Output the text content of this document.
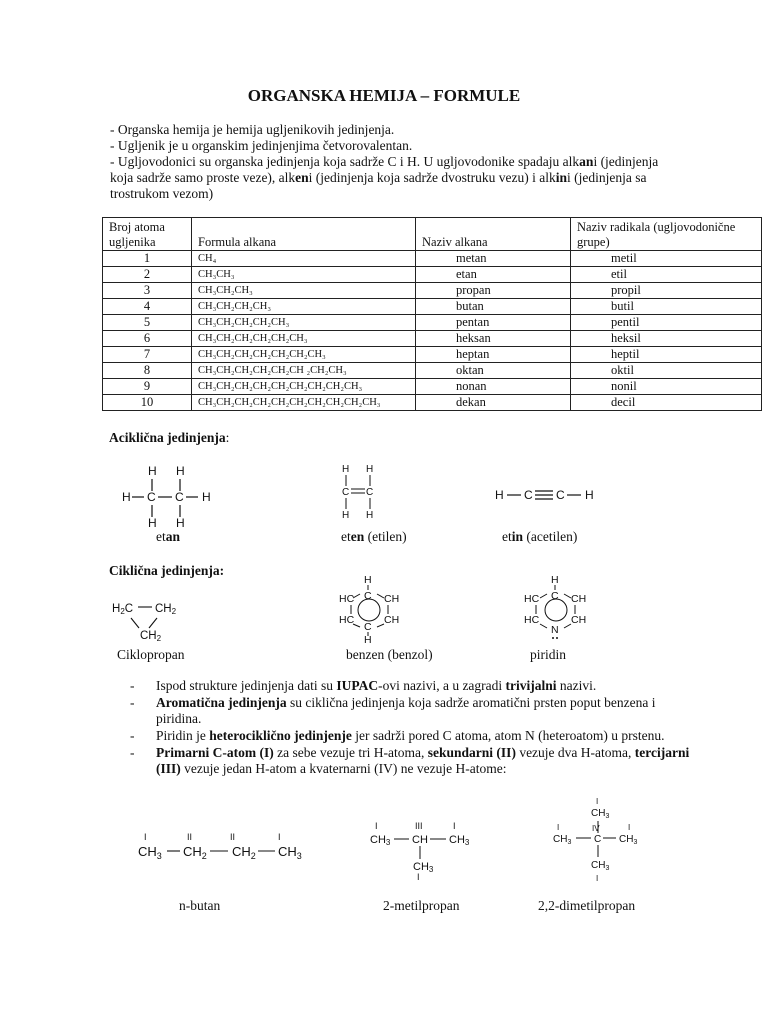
ORGANSKA HEMIJA – FORMULE

- Organska hemija je hemija ugljenikovih jedinjenja.

- Ugljenik je u organskim jedinjenjima četvorovalentan.

- Ugljovodonici su organska jedinjenja koja sadrže C i H. U ugljovodonike spadaju alkani (jedinjenja koja sadrže samo proste veze), alkeni (jedinjenja koja sadrže dvostruku vezu) i alkini (jedinjenja sa trostrukom vezom)

Broj atoma ugljenika	Formula alkana	Naziv alkana	Naziv radikala (ugljovodonične grupe)
1	CH₄	metan	metil
2	CH₃CH₃	etan	etil
3	CH₃CH₂CH₃	propan	propil
4	CH₃CH₂CH₂CH₃	butan	butil
5	CH₃CH₂CH₂CH₂CH₃	pentan	pentil
6	CH₃CH₂CH₂CH₂CH₂CH₃	heksan	heksil
7	CH₃CH₂CH₂CH₂CH₂CH₂CH₃	heptan	heptil
8	CH₃CH₂CH₂CH₂CH₂CH ₂CH₂CH₃	oktan	oktil
9	CH₃CH₂CH₂CH₂CH₂CH₂CH₂CH₂CH₃	nonan	nonil
10	CH₃CH₂CH₂CH₂CH₂CH₂CH₂CH₂CH₂CH₃	dekan	decil
Aciklična jedinjenja:
H H
H C C H
H H
H H
C C
H H
H C C H
etan	eten (etilen)	etin (acetilen)
Ciklična jedinjenja:
H2C CH2
CH2
H
C
HC	CH
HC	CH
C
H
H
C
HC	CH
HC	CH
N
Ciklopropan	benzen (benzol)	piridin
- Ispod strukture jedinjenja dati su IUPAC-ovi nazivi, a u zagradi trivijalni nazivi.
- Aromatična jedinjenja su ciklična jedinjenja koja sadrže aromatični prsten poput benzena i piridina.
- Piridin je heterociklično jedinjenje jer sadrži pored C atoma, atom N (heteroatom) u prstenu.
- Primarni C-atom (I) za sebe vezuje tri H-atoma, sekundarni (II) vezuje dva H-atoma, tercijarni (III) vezuje jedan H-atom a kvaternarni (IV) ne vezuje H-atome:
I	II	II	I
$CH_3$ $CH_2$ $CH_2$ $CH_3$
I	III	I
I
CH3 CH CH3
CH3
I
I	IV	I
I
$CH_3$
$CH_3$ C $CH_3$
$CH_3$
n-butan	2-metilpropan	2,2-dimetilpropan
